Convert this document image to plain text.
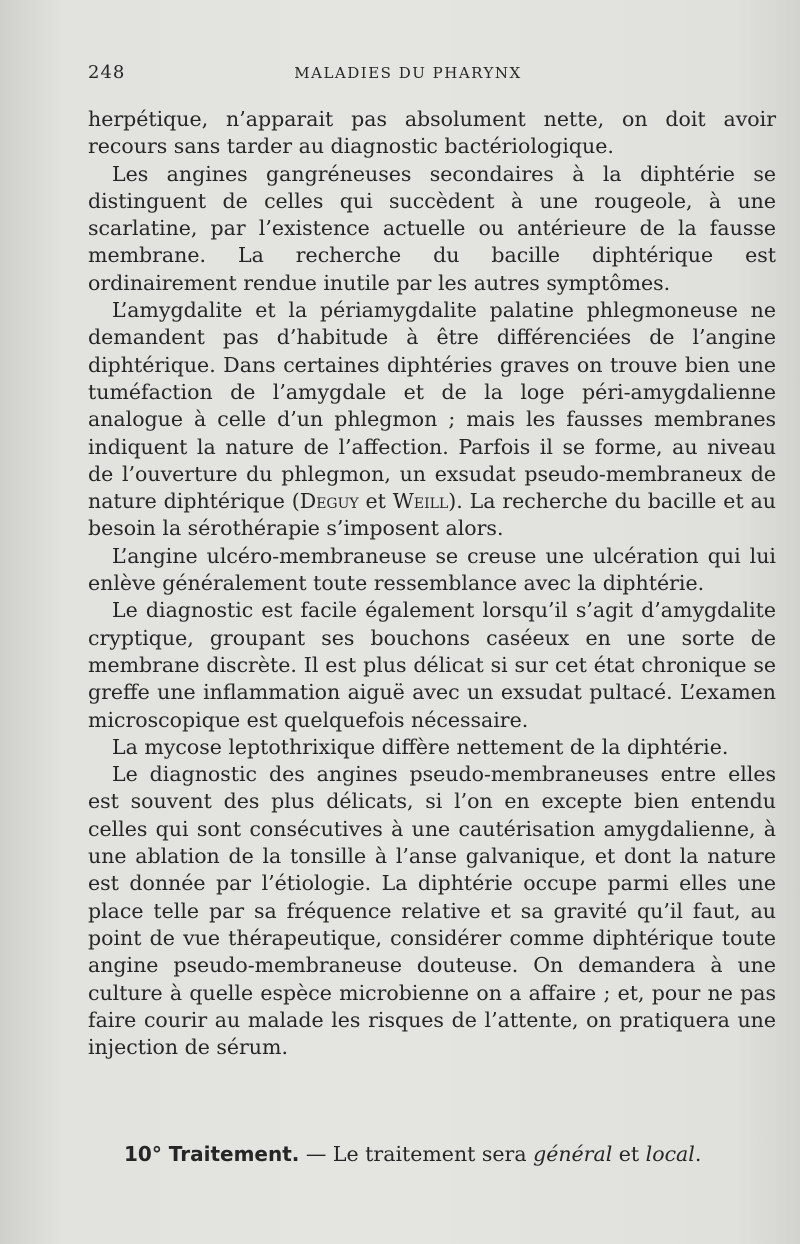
248	MALADIES DU PHARYNX

herpétique, n’apparait pas absolument nette, on doit avoir recours sans tarder au diagnostic bactériologique.

Les angines gangréneuses secondaires à la diphtérie se distinguent de celles qui succèdent à une rougeole, à une scarlatine, par l’existence actuelle ou antérieure de la fausse membrane. La recherche du bacille diphtérique est ordinairement rendue inutile par les autres symptômes.

L’amygdalite et la périamygdalite palatine phlegmoneuse ne demandent pas d’habitude à être différenciées de l’angine diphtérique. Dans certaines diphtéries graves on trouve bien une tuméfaction de l’amygdale et de la loge péri-amygdalienne analogue à celle d’un phlegmon ; mais les fausses membranes indiquent la nature de l’affection. Parfois il se forme, au niveau de l’ouverture du phlegmon, un exsudat pseudo-membraneux de nature diphtérique (Deguy et Weill). La recherche du bacille et au besoin la sérothérapie s’imposent alors.

L’angine ulcéro-membraneuse se creuse une ulcération qui lui enlève généralement toute ressemblance avec la diphtérie.

Le diagnostic est facile également lorsqu’il s’agit d’amygdalite cryptique, groupant ses bouchons caséeux en une sorte de membrane discrète. Il est plus délicat si sur cet état chronique se greffe une inflammation aiguë avec un exsudat pultacé. L’examen microscopique est quelquefois nécessaire.

La mycose leptothrixique diffère nettement de la diphtérie.

Le diagnostic des angines pseudo-membraneuses entre elles est souvent des plus délicats, si l’on en excepte bien entendu celles qui sont consécutives à une cautérisation amygdalienne, à une ablation de la tonsille à l’anse galvanique, et dont la nature est donnée par l’étiologie. La diphtérie occupe parmi elles une place telle par sa fréquence relative et sa gravité qu’il faut, au point de vue thérapeutique, considérer comme diphtérique toute angine pseudo-membraneuse douteuse. On demandera à une culture à quelle espèce microbienne on a affaire ; et, pour ne pas faire courir au malade les risques de l’attente, on pratiquera une injection de sérum.

10° Traitement. — Le traitement sera général et local.
